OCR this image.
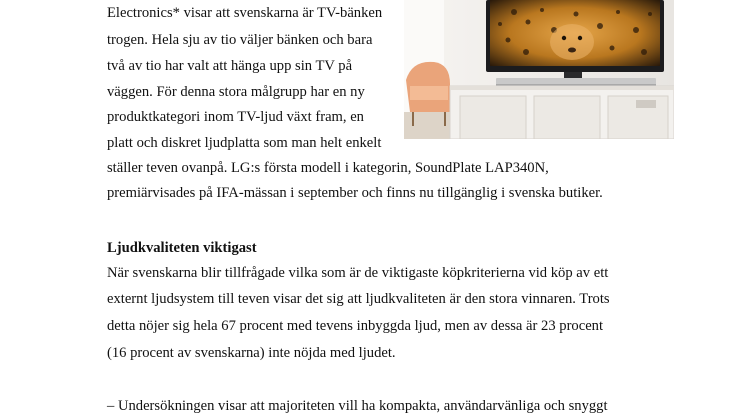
Electronics* visar att svenskarna är TV-bänken
trogen. Hela sju av tio väljer bänken och bara
två av tio har valt att hänga upp sin TV på
väggen. För denna stora målgrupp har en ny
produktkategori inom TV-ljud växt fram, en
platt och diskret ljudplatta som man helt enkelt
ställer teven ovanpå. LG:s första modell i kategorin, SoundPlate LAP340N,
premiärvisades på IFA-mässan i september och finns nu tillgänglig i svenska butiker.
Ljudkvaliteten viktigast
När svenskarna blir tillfrågade vilka som är de viktigaste köpkriterierna vid köp av ett
externt ljudsystem till teven visar det sig att ljudkvaliteten är den stora vinnaren. Trots
detta nöjer sig hela 67 procent med tevens inbyggda ljud, men av dessa är 23 procent
(16 procent av svenskarna) inte nöjda med ljudet.
– Undersökningen visar att majoriteten vill ha kompakta, användarvänliga och snyggt
